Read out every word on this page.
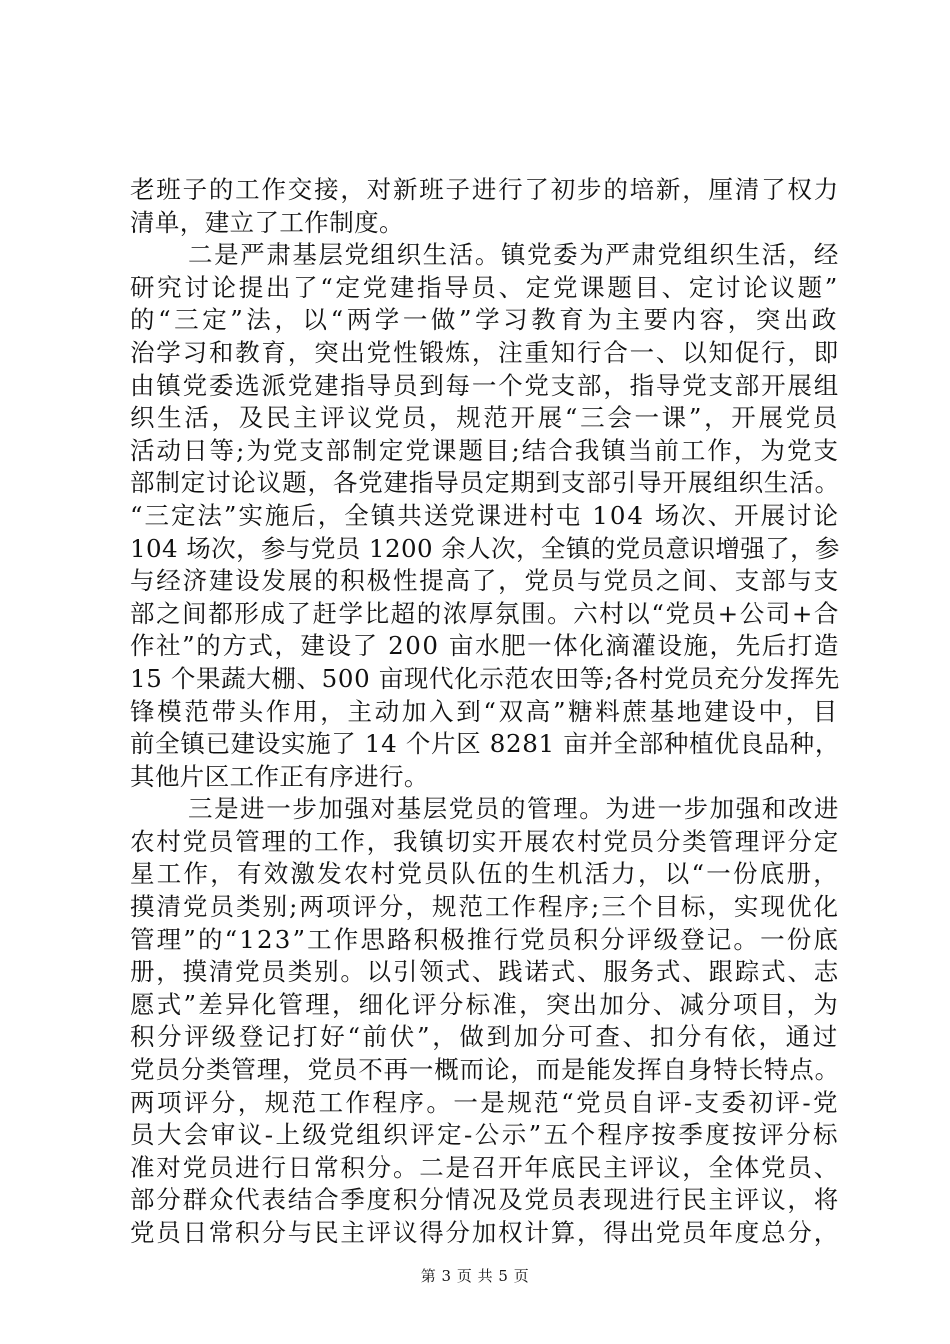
老班子的工作交接，对新班子进行了初步的培新，厘清了权力
清单，建立了工作制度。
二是严肃基层党组织生活。镇党委为严肃党组织生活，经
研究讨论提出了“定党建指导员、定党课题目、定讨论议题”
的“三定”法，以“两学一做”学习教育为主要内容，突出政
治学习和教育，突出党性锻炼，注重知行合一、以知促行，即
由镇党委选派党建指导员到每一个党支部，指导党支部开展组
织生活，及民主评议党员，规范开展“三会一课”，开展党员
活动日等;为党支部制定党课题目;结合我镇当前工作，为党支
部制定讨论议题，各党建指导员定期到支部引导开展组织生活。
“三定法”实施后，全镇共送党课进村屯 104 场次、开展讨论
104 场次，参与党员 1200 余人次，全镇的党员意识增强了，参
与经济建设发展的积极性提高了，党员与党员之间、支部与支
部之间都形成了赶学比超的浓厚氛围。六村以“党员+公司+合
作社”的方式，建设了 200 亩水肥一体化滴灌设施，先后打造
15 个果蔬大棚、500 亩现代化示范农田等;各村党员充分发挥先
锋模范带头作用，主动加入到“双高”糖料蔗基地建设中，目
前全镇已建设实施了 14 个片区 8281 亩并全部种植优良品种，
其他片区工作正有序进行。
三是进一步加强对基层党员的管理。为进一步加强和改进
农村党员管理的工作，我镇切实开展农村党员分类管理评分定
星工作，有效激发农村党员队伍的生机活力，以“一份底册，
摸清党员类别;两项评分，规范工作程序;三个目标，实现优化
管理”的“123”工作思路积极推行党员积分评级登记。一份底
册，摸清党员类别。以引领式、践诺式、服务式、跟踪式、志
愿式”差异化管理，细化评分标准，突出加分、减分项目，为
积分评级登记打好“前伏”，做到加分可查、扣分有依，通过
党员分类管理，党员不再一概而论，而是能发挥自身特长特点。
两项评分，规范工作程序。一是规范“党员自评-支委初评-党
员大会审议-上级党组织评定-公示”五个程序按季度按评分标
准对党员进行日常积分。二是召开年底民主评议，全体党员、
部分群众代表结合季度积分情况及党员表现进行民主评议，将
党员日常积分与民主评议得分加权计算，得出党员年度总分，
第 3 页 共 5 页
